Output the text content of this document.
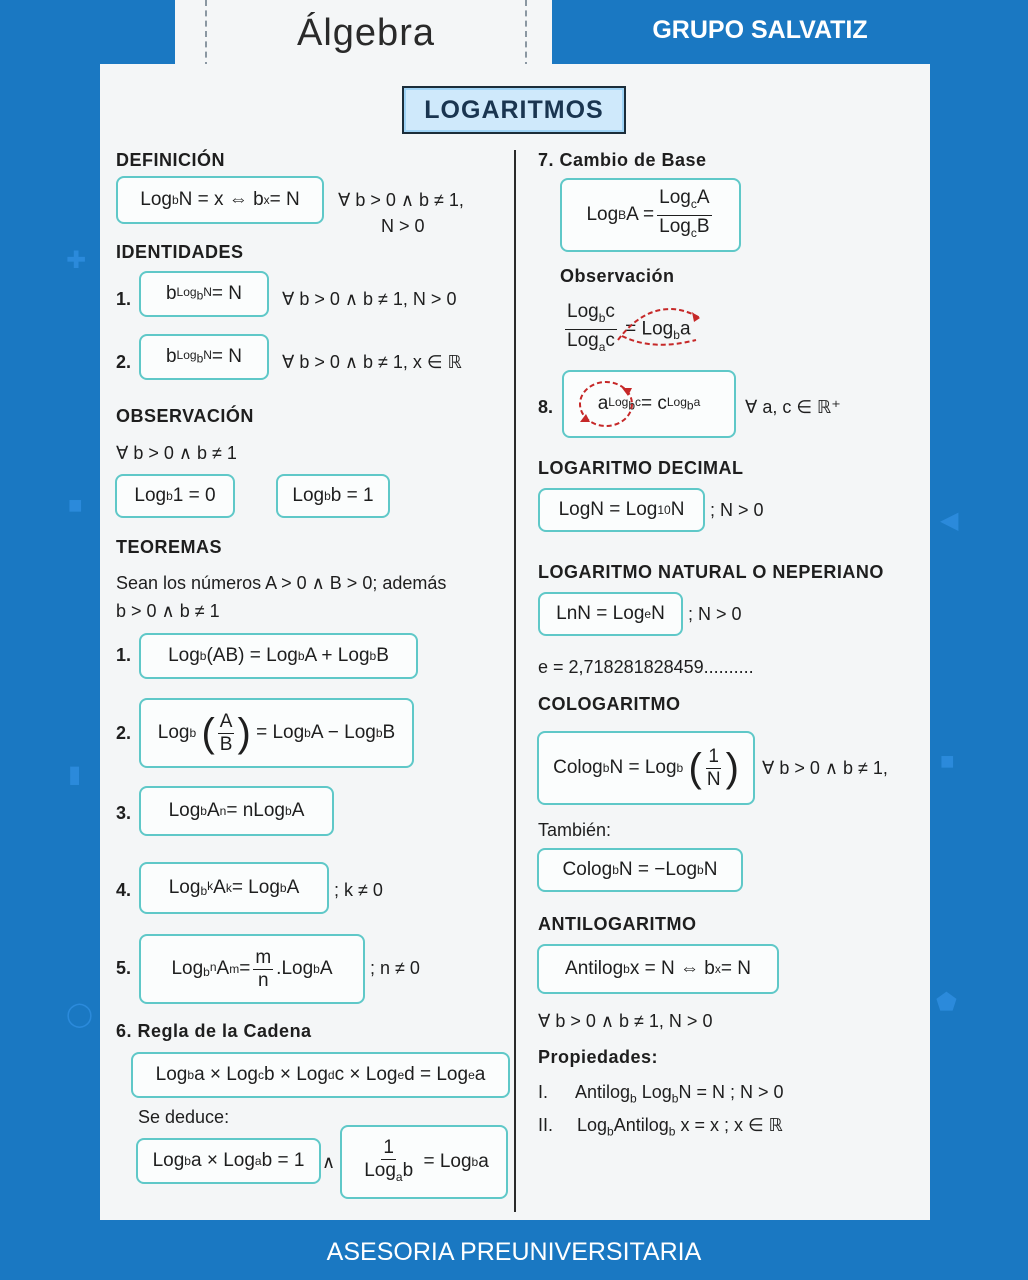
Álgebra	GRUPO SALVATIZ
✚
■
▮
◯
◀
■
⬟
LOGARITMOS
DEFINICIÓN
Log b N = x ⇔ b x = N	∀ b > 0 ∧ b ≠ 1,
N > 0
IDENTIDADES
1.	b Log$_b$N = N	∀ b > 0 ∧ b ≠ 1, N > 0
2.	b Log$_b$N = N	∀ b > 0 ∧ b ≠ 1, x ∈ ℝ
OBSERVACIÓN
∀ b > 0 ∧ b ≠ 1
Log b 1 = 0	Log b b = 1
TEOREMAS
Sean los números A > 0 ∧ B > 0; además
b > 0 ∧ b ≠ 1
1.	Log b (AB) = Log b A + Log b B
2.	Log b
( $\frac{A}{B}$ ) = Log b A − Log b B
3.	Log b A n = nLog b A
4.	Log $b^k$ A k = Log b A	; k ≠ 0
5.	Log $b^n$ A $m = \frac{m}{n} .Log$ b A	; n ≠ 0
6. Regla de la Cadena
Log b a × Log c b × Log d c × Log e d = Log e a
Se deduce:
Log b a × Log a b = 1 ∧ $\frac{1}{Log_ab}$ = Log b a
7. Cambio de Base
Log B $A = \frac{Log_cA}{Log_cB}$
Observación
$\frac{Log_bc}{Log_ac} = Log_ba$
8.	a Log$_b$c = c Log$_b$a ∀ a, c ∈ ℝ⁺
LOGARITMO DECIMAL
LogN = Log 10 N	; N > 0
LOGARITMO NATURAL O NEPERIANO
LnN = Log e N	; N > 0
e = 2,718281828459..........
COLOGARITMO
Colog b N = Log b
( $\frac{1}{N}$ ) ∀ b > 0 ∧ b ≠ 1,
También:
Colog b N = −Log b N
ANTILOGARITMO
Antilog b x = N ⇔ b x = N
∀ b > 0 ∧ b ≠ 1, N > 0
Propiedades:
I. Antilog$_b$ Log$_b$N = N ; N > 0
II. Log$_b$Antilog$_b$ x = x ; x ∈ ℝ
ASESORIA PREUNIVERSITARIA
